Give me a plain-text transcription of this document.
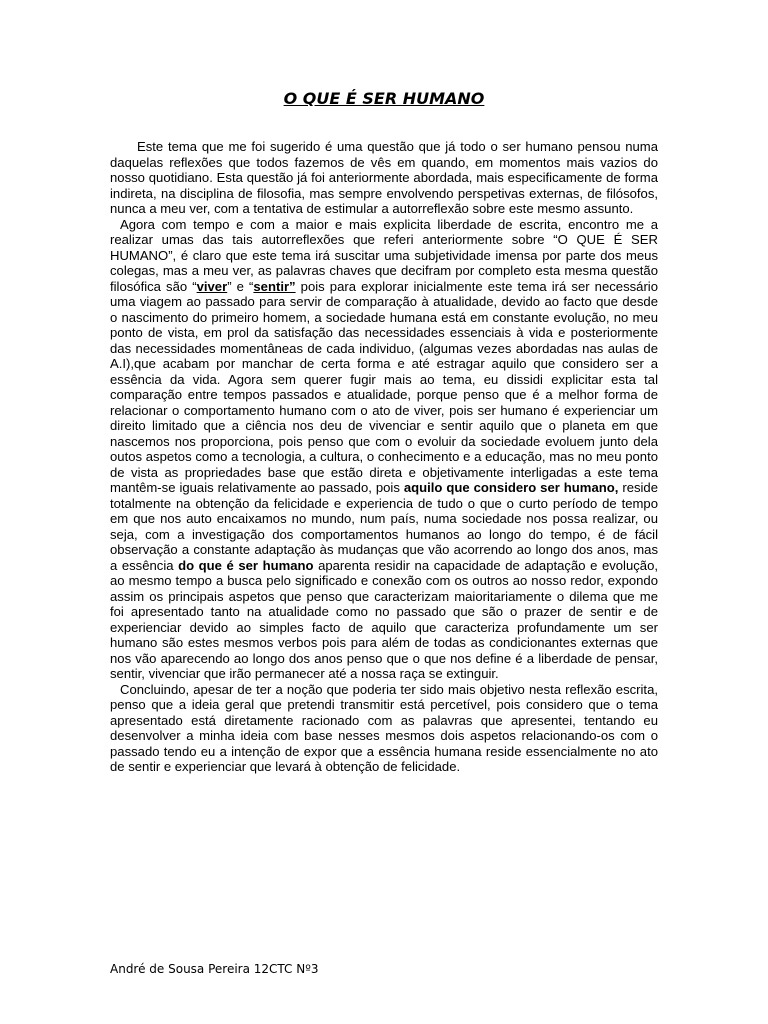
O QUE É SER HUMANO

Este tema que me foi sugerido é uma questão que já todo o ser humano pensou numa daquelas reflexões que todos fazemos de vês em quando, em momentos mais vazios do nosso quotidiano. Esta questão já foi anteriormente abordada, mais especificamente de forma indireta, na disciplina de filosofia, mas sempre envolvendo perspetivas externas, de filósofos, nunca a meu ver, com a tentativa de estimular a autorreflexão sobre este mesmo assunto.

Agora com tempo e com a maior e mais explicita liberdade de escrita, encontro me a realizar umas das tais autorreflexões que referi anteriormente sobre “O QUE É SER HUMANO”, é claro que este tema irá suscitar uma subjetividade imensa por parte dos meus colegas, mas a meu ver, as palavras chaves que decifram por completo esta mesma questão filosófica são “viver” e “sentir” pois para explorar inicialmente este tema irá ser necessário uma viagem ao passado para servir de comparação à atualidade, devido ao facto que desde o nascimento do primeiro homem, a sociedade humana está em constante evolução, no meu ponto de vista, em prol da satisfação das necessidades essenciais à vida e posteriormente das necessidades momentâneas de cada individuo, (algumas vezes abordadas nas aulas de A.I),que acabam por manchar de certa forma e até estragar aquilo que considero ser a essência da vida. Agora sem querer fugir mais ao tema, eu dissidi explicitar esta tal comparação entre tempos passados e atualidade, porque penso que é a melhor forma de relacionar o comportamento humano com o ato de viver, pois ser humano é experienciar um direito limitado que a ciência nos deu de vivenciar e sentir aquilo que o planeta em que nascemos nos proporciona, pois penso que com o evoluir da sociedade evoluem junto dela outos aspetos como a tecnologia, a cultura, o conhecimento e a educação, mas no meu ponto de vista as propriedades base que estão direta e objetivamente interligadas a este tema mantêm-se iguais relativamente ao passado, pois aquilo que considero ser humano, reside totalmente na obtenção da felicidade e experiencia de tudo o que o curto período de tempo em que nos auto encaixamos no mundo, num país, numa sociedade nos possa realizar, ou seja, com a investigação dos comportamentos humanos ao longo do tempo, é de fácil observação a constante adaptação às mudanças que vão acorrendo ao longo dos anos, mas a essência do que é ser humano aparenta residir na capacidade de adaptação e evolução, ao mesmo tempo a busca pelo significado e conexão com os outros ao nosso redor, expondo assim os principais aspetos que penso que caracterizam maioritariamente o dilema que me foi apresentado tanto na atualidade como no passado que são o prazer de sentir e de experienciar devido ao simples facto de aquilo que caracteriza profundamente um ser humano são estes mesmos verbos pois para além de todas as condicionantes externas que nos vão aparecendo ao longo dos anos penso que o que nos define é a liberdade de pensar, sentir, vivenciar que irão permanecer até a nossa raça se extinguir.

Concluindo, apesar de ter a noção que poderia ter sido mais objetivo nesta reflexão escrita, penso que a ideia geral que pretendi transmitir está percetível, pois considero que o tema apresentado está diretamente racionado com as palavras que apresentei, tentando eu desenvolver a minha ideia com base nesses mesmos dois aspetos relacionando-os com o passado tendo eu a intenção de expor que a essência humana reside essencialmente no ato de sentir e experienciar que levará à obtenção de felicidade.

André de Sousa Pereira 12CTC Nº3
